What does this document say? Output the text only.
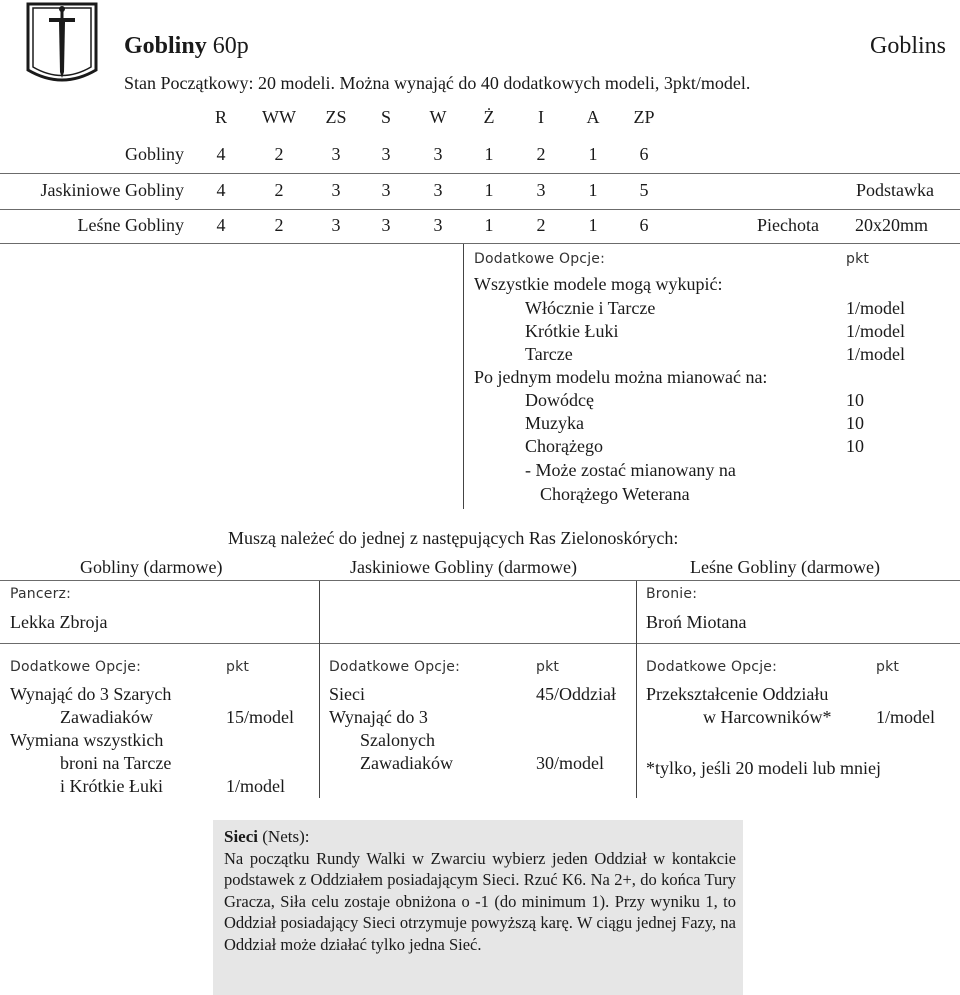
Gobliny 60p	Goblins
Stan Początkowy: 20 modeli. Można wynająć do 40 dodatkowych modeli, 3pkt/model.
R	WW	ZS	S	W	Ż	I	A	ZP
Gobliny	4	2	3	3	3	1	2	1	6
Jaskiniowe Gobliny	4	2	3	3	3	1	3	1	5	Podstawka
Leśne Gobliny	4	2	3	3	3	1	2	1	6	Piechota 20x20mm
Dodatkowe Opcje:	pkt
Wszystkie modele mogą wykupić:
Włócznie i Tarcze	1/model
Krótkie Łuki	1/model
Tarcze	1/model
Po jednym modelu można mianować na:
Dowódcę	10
Muzyka	10
Chorążego	10
- Może zostać mianowany na
Chorążego Weterana
Muszą należeć do jednej z następujących Ras Zielonoskórych:
Gobliny (darmowe)	Jaskiniowe Gobliny (darmowe)	Leśne Gobliny (darmowe)
Pancerz:
Lekka Zbroja
Bronie:
Broń Miotana
Dodatkowe Opcje:	pkt
Wynająć do 3 Szarych
Zawadiaków	15/model
Wymiana wszystkich
broni na Tarcze
i Krótkie Łuki	1/model
Dodatkowe Opcje:	pkt
Sieci	45/Oddział
Wynająć do 3
Szalonych
Zawadiaków	30/model
Dodatkowe Opcje:	pkt
Przekształcenie Oddziału
w Harcowników* 1/model
*tylko, jeśli 20 modeli lub mniej

Sieci (Nets):

Na początku Rundy Walki w Zwarciu wybierz jeden Oddział w kontakcie podstawek z Oddziałem posiadającym Sieci. Rzuć K6. Na 2+, do końca Tury Gracza, Siła celu zostaje obniżona o -1 (do minimum 1). Przy wyniku 1, to Oddział posiadający Sieci otrzymuje powyższą karę. W ciągu jednej Fazy, na Oddział może działać tylko jedna Sieć.
